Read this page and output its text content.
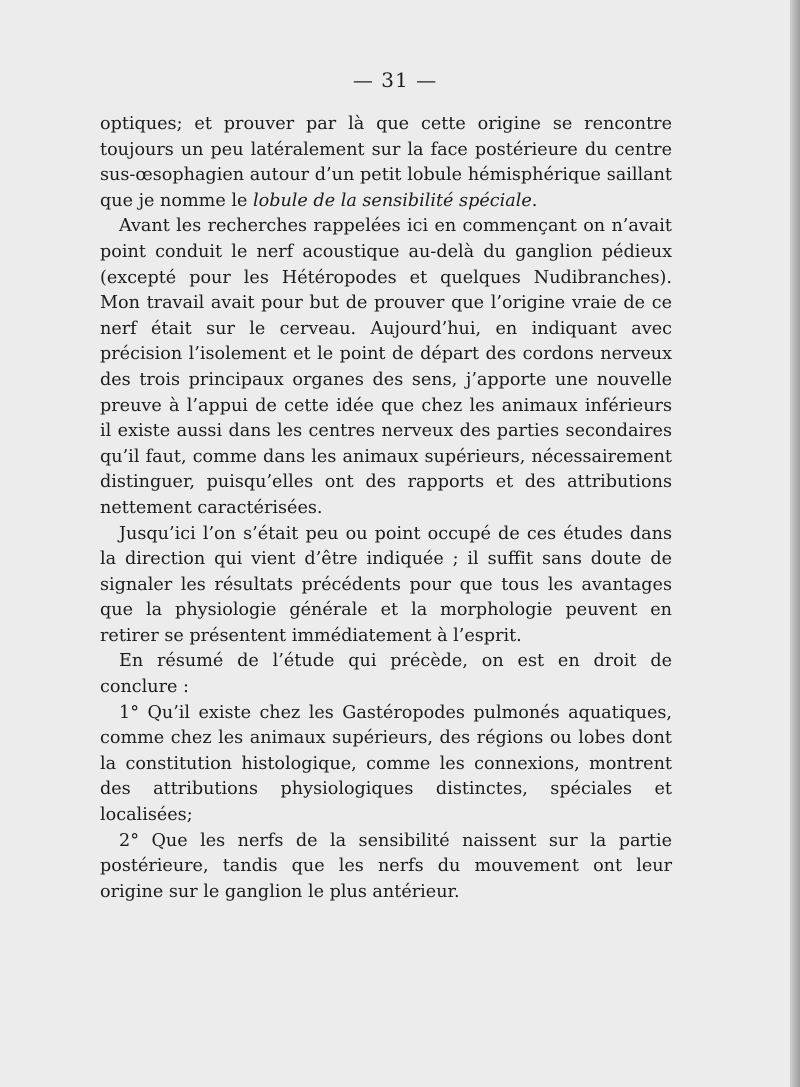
— 31 —

optiques; et prouver par là que cette origine se rencontre toujours un peu latéralement sur la face postérieure du centre sus-œsophagien autour d’un petit lobule hémisphérique saillant que je nomme le lobule de la sensibilité spéciale.

Avant les recherches rappelées ici en commençant on n’avait point conduit le nerf acoustique au-delà du ganglion pédieux (excepté pour les Hétéropodes et quelques Nudibranches). Mon travail avait pour but de prouver que l’origine vraie de ce nerf était sur le cerveau. Aujourd’hui, en indiquant avec précision l’isolement et le point de départ des cordons nerveux des trois principaux organes des sens, j’apporte une nouvelle preuve à l’appui de cette idée que chez les animaux inférieurs il existe aussi dans les centres nerveux des parties secondaires qu’il faut, comme dans les animaux supérieurs, nécessairement distinguer, puisqu’elles ont des rapports et des attributions nettement caractérisées.

Jusqu’ici l’on s’était peu ou point occupé de ces études dans la direction qui vient d’être indiquée ; il suffit sans doute de signaler les résultats précédents pour que tous les avantages que la physiologie générale et la morphologie peuvent en retirer se présentent immédiatement à l’esprit.

En résumé de l’étude qui précède, on est en droit de conclure :

1° Qu’il existe chez les Gastéropodes pulmonés aquatiques, comme chez les animaux supérieurs, des régions ou lobes dont la constitution histologique, comme les connexions, montrent des attributions physiologiques distinctes, spéciales et localisées;

2° Que les nerfs de la sensibilité naissent sur la partie postérieure, tandis que les nerfs du mouvement ont leur origine sur le ganglion le plus antérieur.
